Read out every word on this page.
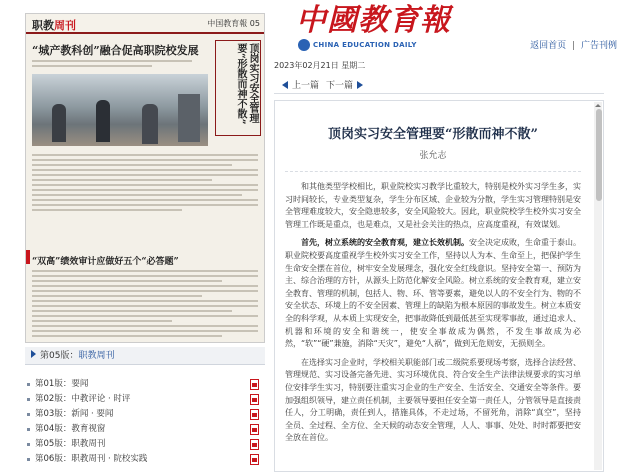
中國教育報
CHINA EDUCATION DAILY	返回首页 | 广告刊例
职教周刊	中国教育報 05
“城产教科创”融合促高职院校发展	顶岗实习安全管理要“形散而神不散”
“双高”绩效审计应做好五个“必答题”
第05版：职教周刊
第01版：要闻
第02版：中教评论 · 时评
第03版：新闻 · 要闻
第04版：教育视窗
第05版：职教周刊
第06版：职教周刊 · 院校实践
2023年02月21日 星期二
上一篇 下一篇
顶岗实习安全管理要“形散而神不散”
张允志

和其他类型学校相比，职业院校实习教学比重较大，特别是校外实习学生多，实习时间较长，专业类型复杂，学生分布区域、企业较为分散，学生实习管理特别是安全管理难度较大，安全隐患较多，安全风险较大。因此，职业院校学生校外实习安全管理工作既是重点，也是难点，又是社会关注的热点，应高度重视，有效谋划。

首先，树立系统的安全教育观，建立长效机制。安全决定成败，生命重于泰山。职业院校要高度重视学生校外实习安全工作，坚持以人为本、生命至上，把保护学生生命安全摆在首位，树牢安全发展理念，强化安全红线意识。坚持安全第一、预防为主、综合治理的方针，从源头上防范化解安全风险。树立系统的安全教育观，建立安全教育、管理的机制，包括人、物、环、管等要素，避免以人的不安全行为、物的不安全状态、环境上的不安全因素、管理上的缺陷为根本原因的事故发生。树立本质安全的科学观，从本质上实现安全，把事故降低到最低甚至实现零事故，通过追求人、机器和环境的安全和谐统一，使安全事故成为偶然，不发生事故成为必然，“软”“硬”兼施，消除“天灾”，避免“人祸”，做到无危则安，无损则全。

在选择实习企业时，学校相关职能部门或二级院系要现场考察，选择合法经营、管理规范、实习设备完备先进、实习环境优良、符合安全生产法律法规要求的实习单位安排学生实习，特别要注重实习企业的生产安全、生活安全、交通安全等条件。要加强组织领导，建立责任机制，主要领导要担任安全第一责任人，分管领导是直接责任人，分工明确，责任到人，措施具体，不走过场，不留死角，消除“真空”，坚持全员、全过程、全方位、全天候的动态安全管理，人人、事事、处处、时时都要把安全放在首位。
